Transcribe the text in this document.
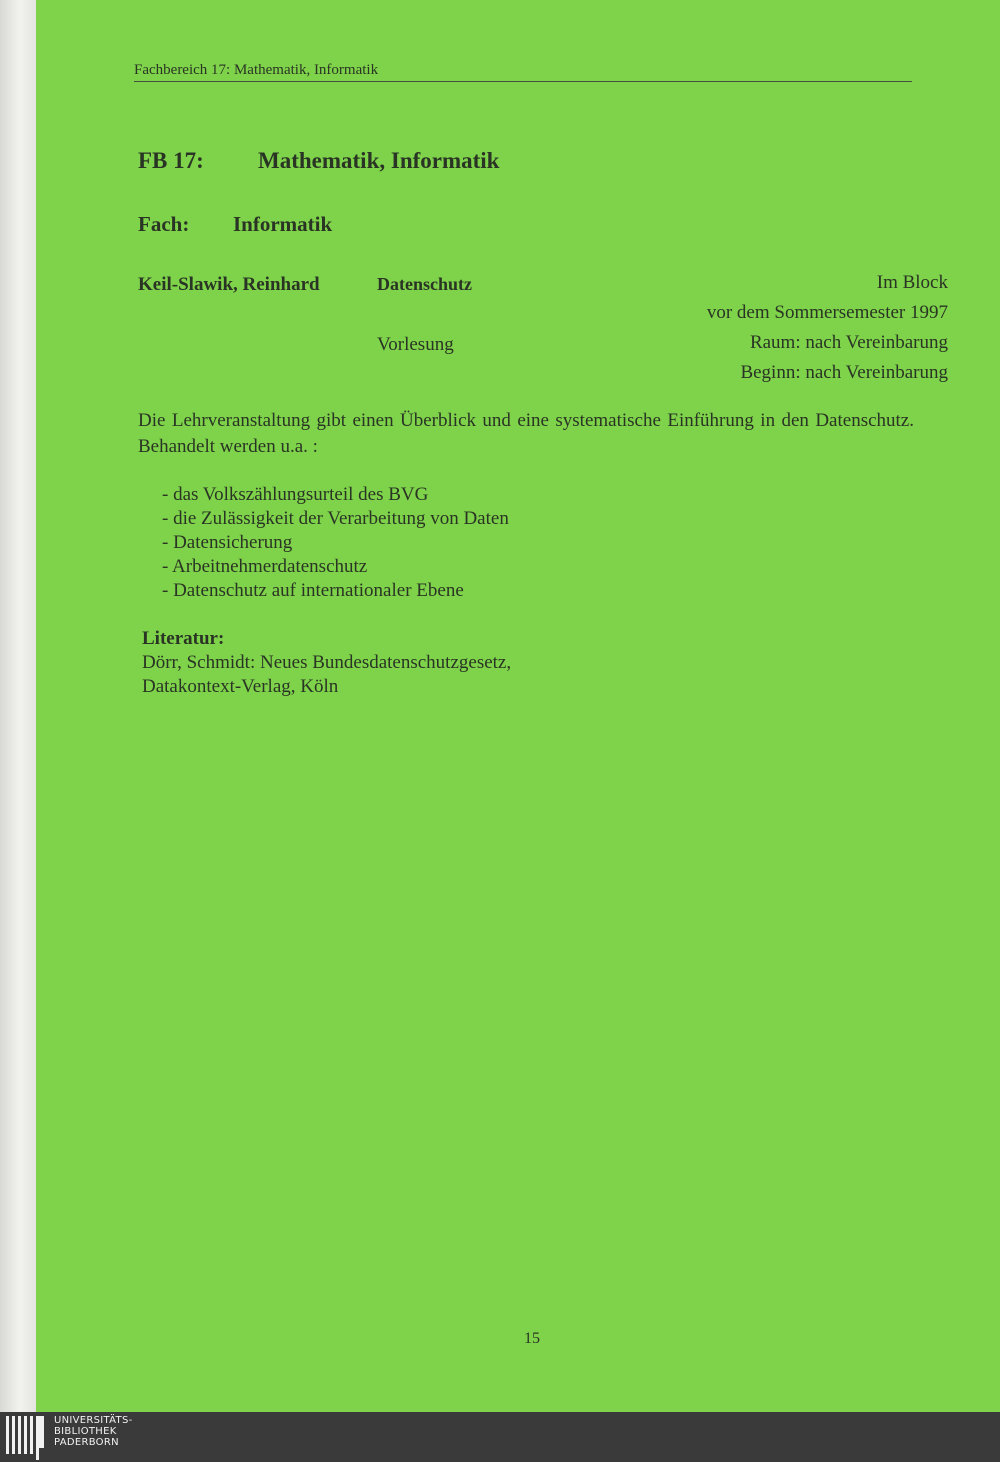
Fachbereich 17: Mathematik, Informatik
FB 17: Mathematik, Informatik
Fach: Informatik
Keil-Slawik, Reinhard	Datenschutz
Vorlesung
Im Block
vor dem Sommersemester 1997
Raum: nach Vereinbarung
Beginn: nach Vereinbarung
Die Lehrveranstaltung gibt einen Überblick und eine systematische Einführung in den Datenschutz. Behandelt werden u.a. :
- das Volkszählungsurteil des BVG
- die Zulässigkeit der Verarbeitung von Daten
- Datensicherung
- Arbeitnehmerdatenschutz
- Datenschutz auf internationaler Ebene
Literatur:
Dörr, Schmidt: Neues Bundesdatenschutzgesetz,
Datakontext-Verlag, Köln
15
UNIVERSITÄTS-
BIBLIOTHEK
PADERBORN
